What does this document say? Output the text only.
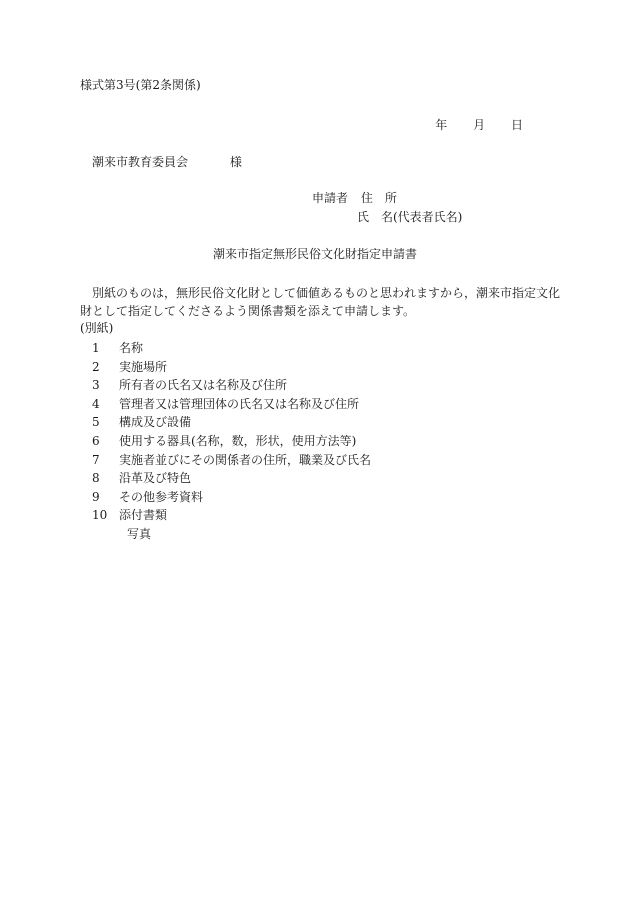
様式第3号(第2条関係)
年 月 日
潮来市教育委員会	様
申請者 住　所
氏　名(代表者氏名)
潮来市指定無形民俗文化財指定申請書
別紙のものは，無形民俗文化財として価値あるものと思われますから，潮来市指定文化
財として指定してくださるよう関係書類を添えて申請します。
(別紙)
1 名称
2 実施場所
3 所有者の氏名又は名称及び住所
4 管理者又は管理団体の氏名又は名称及び住所
5 構成及び設備
6 使用する器具(名称，数，形状，使用方法等)
7 実施者並びにその関係者の住所，職業及び氏名
8 沿革及び特色
9 その他参考資料
10 添付書類
写真
